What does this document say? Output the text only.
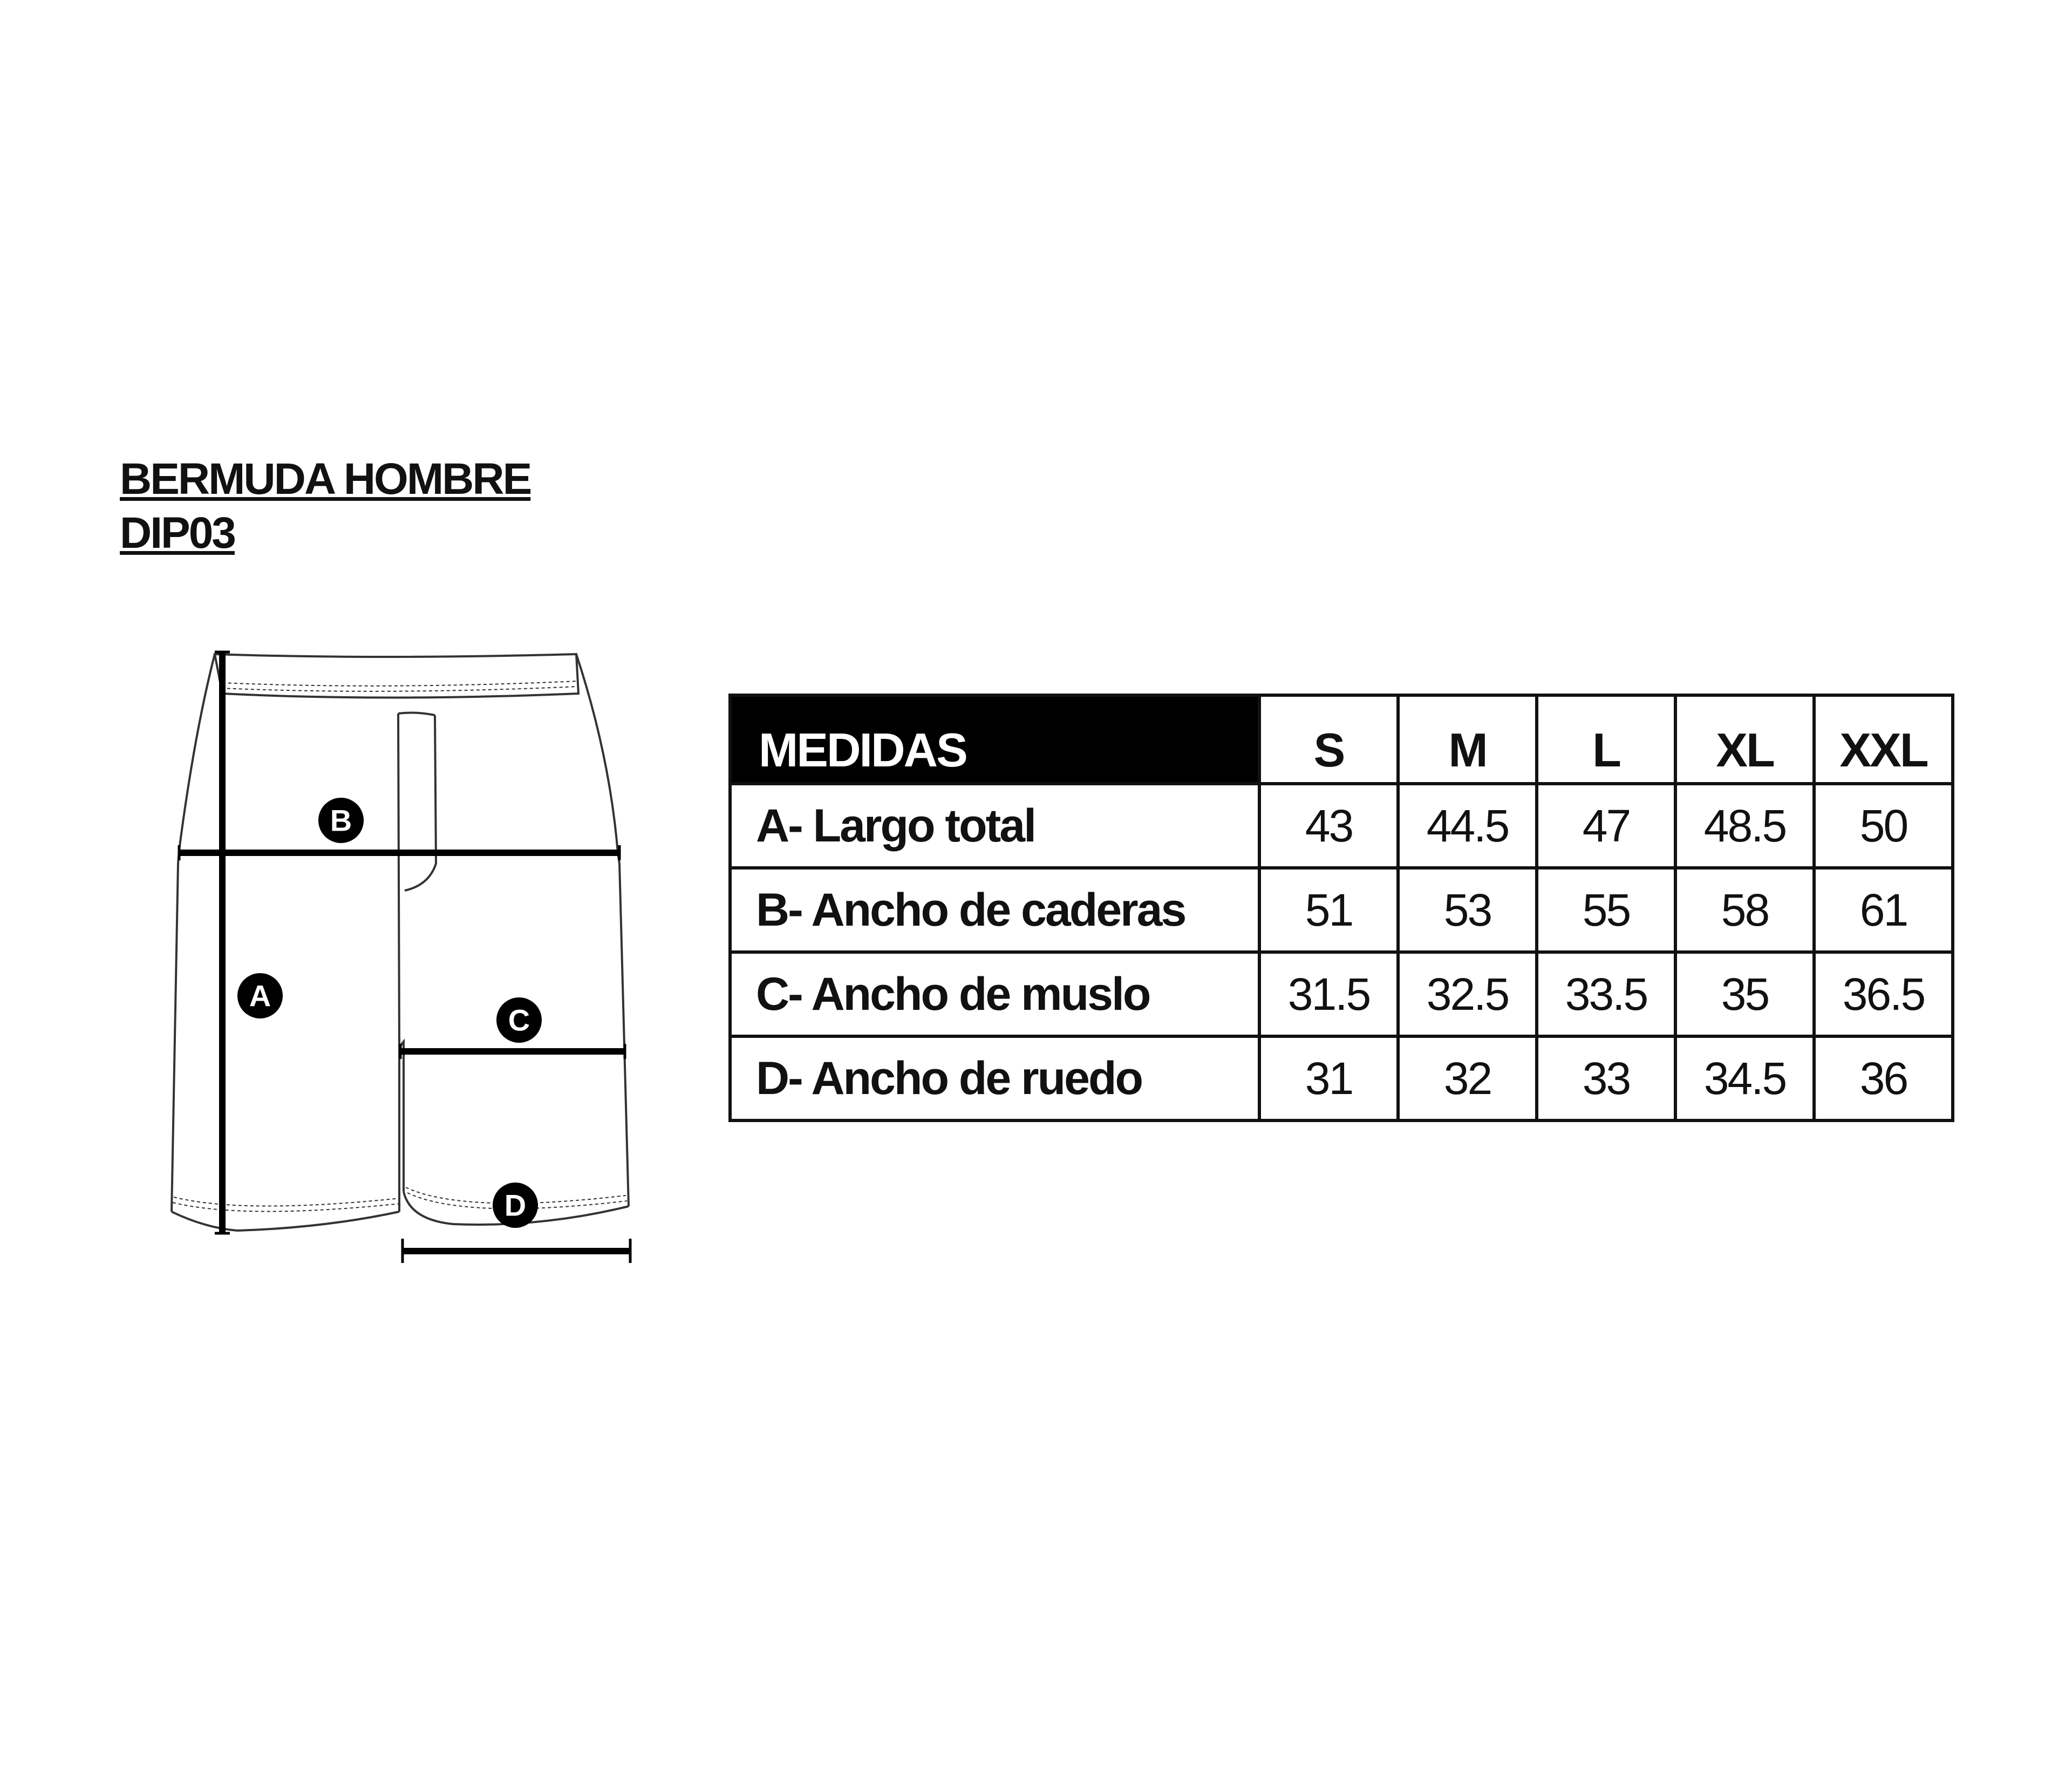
BERMUDA HOMBRE
DIP03
A
B
C
D
MEDIDAS	S	M	L	XL	XXL
A- Largo total	43	44.5	47	48.5	50
B- Ancho de caderas	51	53	55	58	61
C- Ancho de muslo	31.5	32.5	33.5	35	36.5
D- Ancho de ruedo	31	32	33	34.5	36
